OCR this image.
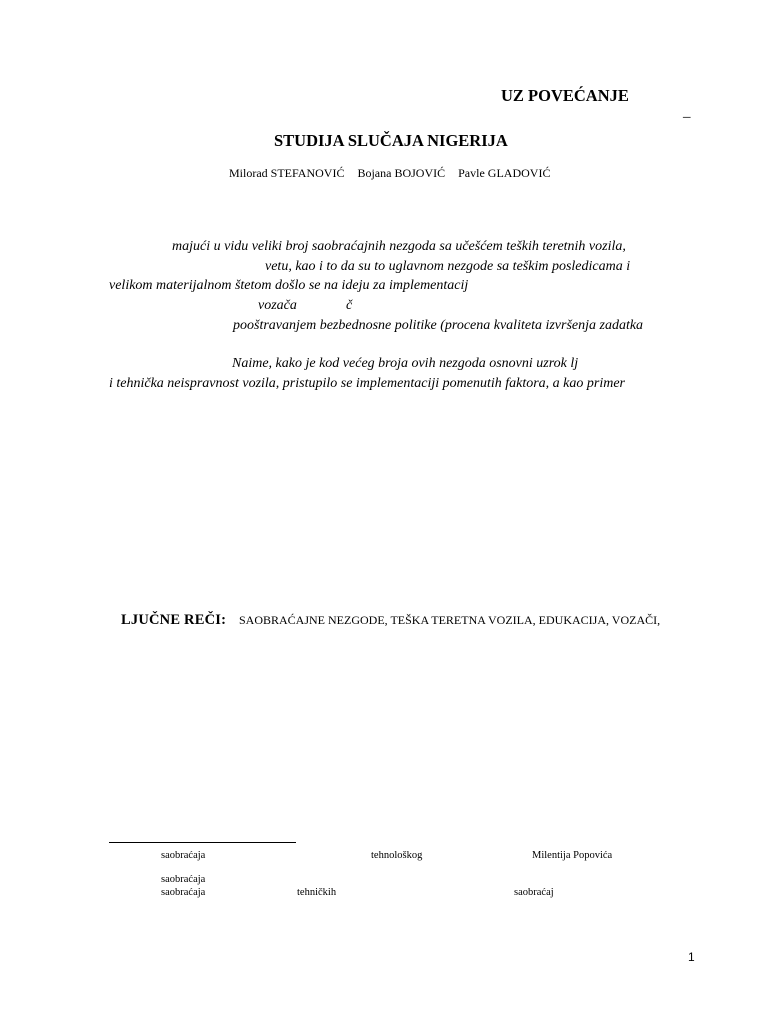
UZ POVEĆANJE
_
STUDIJA SLUČAJA NIGERIJA
Milorad STEFANOVIĆ Bojana BOJOVIĆ Pavle GLADOVIĆ
majući u vidu veliki broj saobraćajnih nezgoda sa učešćem teških teretnih vozila,
vetu, kao i to da su to uglavnom nezgode sa teškim posledicama i
velikom materijalnom štetom došlo se na ideju za implementacij
vozača	č
pooštravanjem bezbednosne politike (procena kvaliteta izvršenja zadatka
Naime, kako je kod većeg broja ovih nezgoda osnovni uzrok lj
i tehnička neispravnost vozila, pristupilo se implementaciji pomenutih faktora, a kao primer
LJUČNE REČI: SAOBRAĆAJNE NEZGODE, TEŠKA TERETNA VOZILA, EDUKACIJA, VOZAČI,
saobraćaja	tehnološkog	Milentija Popovića
saobraćaja
saobraćaja	tehničkih	saobraćaj
1
